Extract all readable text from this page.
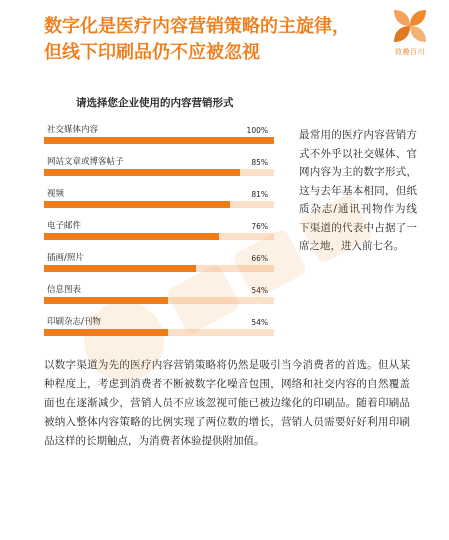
数字化是医疗内容营销策略的主旋律，
但线下印刷品仍不应被忽视	致趣百川
请选择您企业使用的内容营销形式
社交媒体内容	100%
网站文章或博客帖子	85%
视频	81%
电子邮件	76%
插画/照片	66%
信息图表	54%
印刷杂志/刊物	54%

最常用的医疗内容营销方式不外乎以社交媒体、官网内容为主的数字形式，这与去年基本相同，但纸质杂志/通讯刊物作为线下渠道的代表中占据了一席之地，进入前七名。

以数字渠道为先的医疗内容营销策略将仍然是吸引当今消费者的首选。但从某种程度上，考虑到消费者不断被数字化噪音包围，网络和社交内容的自然覆盖面也在逐渐减少，营销人员不应该忽视可能已被边缘化的印刷品。随着印刷品被纳入整体内容策略的比例实现了两位数的增长，营销人员需要好好利用印刷品这样的长期触点，为消费者体验提供附加值。
